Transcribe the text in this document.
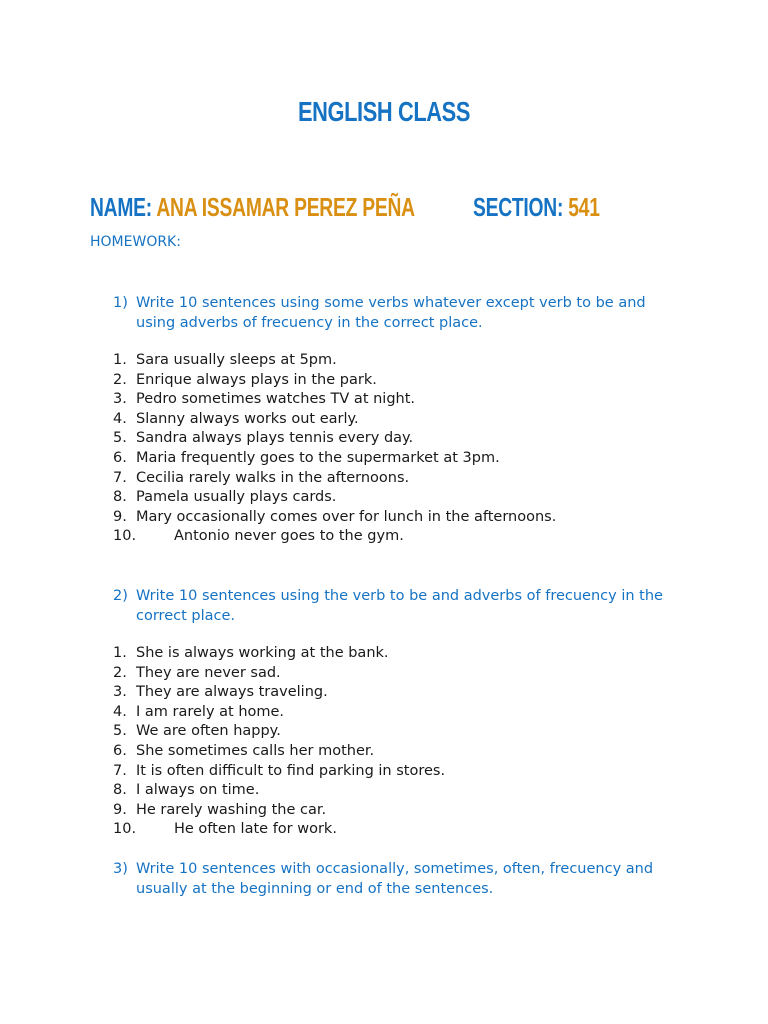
ENGLISH CLASS
NAME: ANA ISSAMAR PEREZ PEÑA	SECTION: 541
HOMEWORK:
1) Write 10 sentences using some verbs whatever except verb to be and using adverbs of frecuency in the correct place.
1. Sara usually sleeps at 5pm.
2. Enrique always plays in the park.
3. Pedro sometimes watches TV at night.
4. Slanny always works out early.
5. Sandra always plays tennis every day.
6. Maria frequently goes to the supermarket at 3pm.
7. Cecilia rarely walks in the afternoons.
8. Pamela usually plays cards.
9. Mary occasionally comes over for lunch in the afternoons.
10.	Antonio never goes to the gym.
2) Write 10 sentences using the verb to be and adverbs of frecuency in the correct place.
1. She is always working at the bank.
2. They are never sad.
3. They are always traveling.
4. I am rarely at home.
5. We are often happy.
6. She sometimes calls her mother.
7. It is often difficult to find parking in stores.
8. I always on time.
9. He rarely washing the car.
10.	He often late for work.
3) Write 10 sentences with occasionally, sometimes, often, frecuency and usually at the beginning or end of the sentences.
